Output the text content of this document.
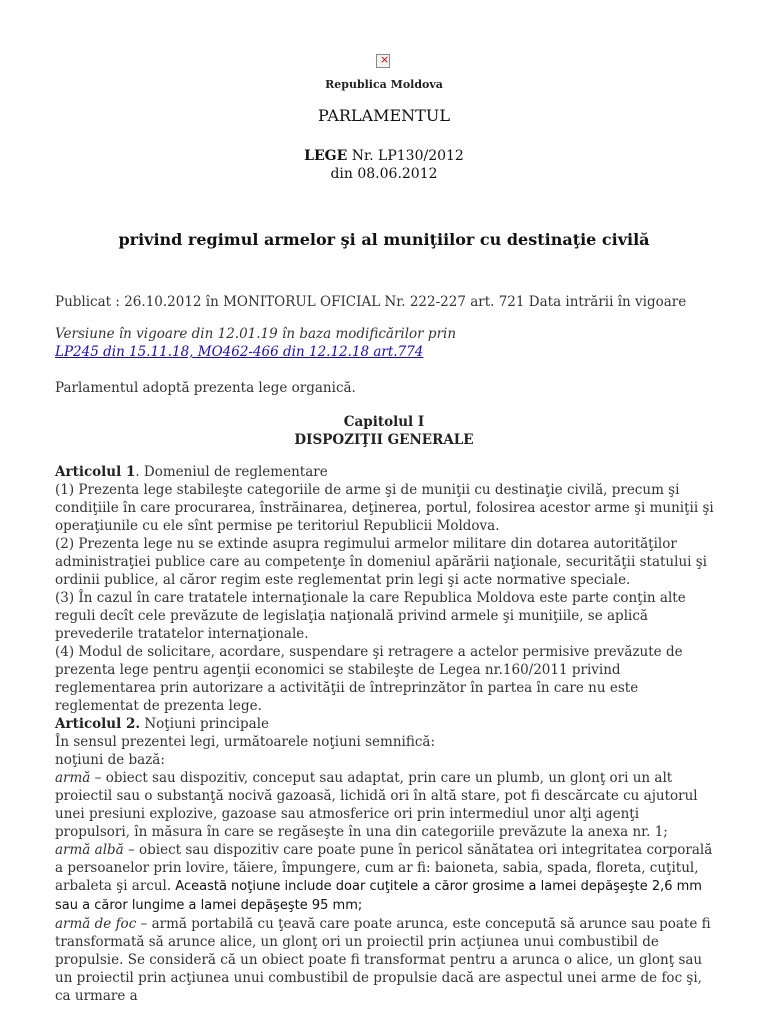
×
Republica Moldova
PARLAMENTUL
LEGE Nr. LP130/2012
din 08.06.2012
privind regimul armelor şi al muniţiilor cu destinaţie civilă
Publicat : 26.10.2012 în MONITORUL OFICIAL Nr. 222-227 art. 721 Data intrării în vigoare
Versiune în vigoare din 12.01.19 în baza modificărilor prin
LP245 din 15.11.18, MO462-466 din 12.12.18 art.774
Parlamentul adoptă prezenta lege organică.
Capitolul I
DISPOZIŢII GENERALE

Articolul 1. Domeniul de reglementare

(1) Prezenta lege stabileşte categoriile de arme şi de muniţii cu destinaţie civilă, precum şi condiţiile în care procurarea, înstrăinarea, deţinerea, portul, folosirea acestor arme şi muniţii şi operaţiunile cu ele sînt permise pe teritoriul Republicii Moldova.

(2) Prezenta lege nu se extinde asupra regimului armelor militare din dotarea autorităţilor administraţiei publice care au competenţe în domeniul apărării naţionale, securităţii statului şi ordinii publice, al căror regim este reglementat prin legi şi acte normative speciale.

(3) În cazul în care tratatele internaţionale la care Republica Moldova este parte conţin alte reguli decît cele prevăzute de legislaţia naţională privind armele şi muniţiile, se aplică prevederile tratatelor internaţionale.

(4) Modul de solicitare, acordare, suspendare şi retragere a actelor permisive prevăzute de prezenta lege pentru agenţii economici se stabileşte de Legea nr.160/2011 privind reglementarea prin autorizare a activităţii de întreprinzător în partea în care nu este reglementat de prezenta lege.

Articolul 2. Noţiuni principale

În sensul prezentei legi, următoarele noţiuni semnifică:

noţiuni de bază:

armă – obiect sau dispozitiv, conceput sau adaptat, prin care un plumb, un glonţ ori un alt proiectil sau o substanţă nocivă gazoasă, lichidă ori în altă stare, pot fi descărcate cu ajutorul unei presiuni explozive, gazoase sau atmosferice ori prin intermediul unor alţi agenţi propulsori, în măsura în care se regăseşte în una din categoriile prevăzute la anexa nr. 1;

armă albă – obiect sau dispozitiv care poate pune în pericol sănătatea ori integritatea corporală a persoanelor prin lovire, tăiere, împungere, cum ar fi: baioneta, sabia, spada, floreta, cuţitul, arbaleta şi arcul. Această noţiune include doar cuţitele a căror grosime a lamei depăşeşte 2,6 mm sau a căror lungime a lamei depăşeşte 95 mm;

armă de foc – armă portabilă cu ţeavă care poate arunca, este concepută să arunce sau poate fi transformată să arunce alice, un glonţ ori un proiectil prin acţiunea unui combustibil de propulsie. Se consideră că un obiect poate fi transformat pentru a arunca o alice, un glonţ sau un proiectil prin acţiunea unui combustibil de propulsie dacă are aspectul unei arme de foc şi, ca urmare a
